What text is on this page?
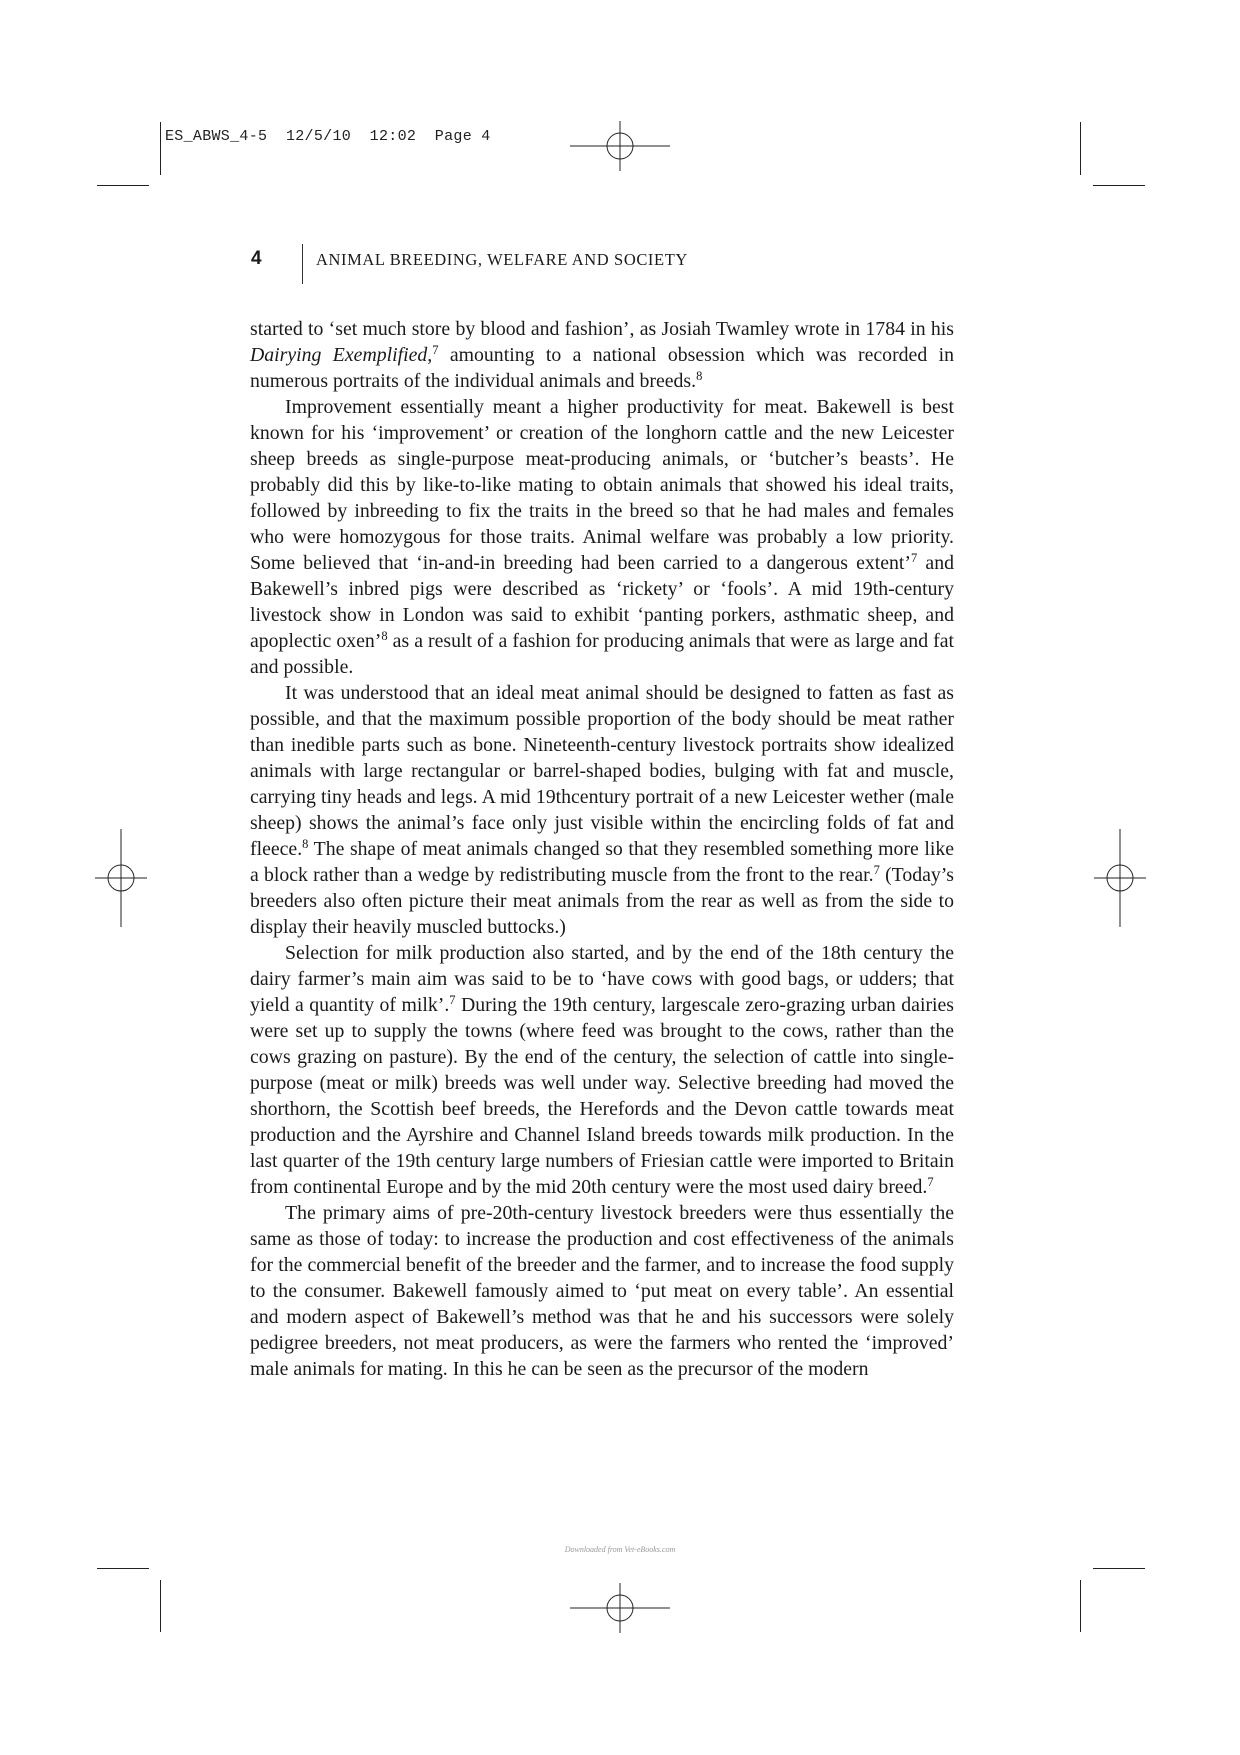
ES_ABWS_4-5 12/5/10 12:02 Page 4
4	ANIMAL BREEDING, WELFARE AND SOCIETY

started to ‘set much store by blood and fashion’, as Josiah Twamley wrote in 1784 in his Dairying Exemplified,$^7$ amounting to a national obsession which was recorded in numerous portraits of the individual animals and breeds.$^8$

Improvement essentially meant a higher productivity for meat. Bakewell is best known for his ‘improvement’ or creation of the longhorn cattle and the new Leicester sheep breeds as single-purpose meat-producing animals, or ‘butcher’s beasts’. He probably did this by like-to-like mating to obtain animals that showed his ideal traits, followed by inbreeding to fix the traits in the breed so that he had males and females who were homozygous for those traits. Animal welfare was probably a low priority. Some believed that ‘in-and-in breeding had been carried to a dangerous extent’$^7$ and Bakewell’s inbred pigs were described as ‘rickety’ or ‘fools’. A mid 19th-century livestock show in London was said to exhibit ‘panting porkers, asthmatic sheep, and apoplectic oxen’$^8$ as a result of a fashion for producing animals that were as large and fat and possible.

It was understood that an ideal meat animal should be designed to fatten as fast as possible, and that the maximum possible proportion of the body should be meat rather than inedible parts such as bone. Nineteenth-century livestock portraits show idealized animals with large rectangular or barrel-shaped bodies, bulging with fat and muscle, carrying tiny heads and legs. A mid 19thcentury portrait of a new Leicester wether (male sheep) shows the animal’s face only just visible within the encircling folds of fat and fleece.$^8$ The shape of meat animals changed so that they resembled something more like a block rather than a wedge by redistributing muscle from the front to the rear.$^7$ (Today’s breeders also often picture their meat animals from the rear as well as from the side to display their heavily muscled buttocks.)

Selection for milk production also started, and by the end of the 18th century the dairy farmer’s main aim was said to be to ‘have cows with good bags, or udders; that yield a quantity of milk’.$^7$ During the 19th century, largescale zero-grazing urban dairies were set up to supply the towns (where feed was brought to the cows, rather than the cows grazing on pasture). By the end of the century, the selection of cattle into single-purpose (meat or milk) breeds was well under way. Selective breeding had moved the shorthorn, the Scottish beef breeds, the Herefords and the Devon cattle towards meat production and the Ayrshire and Channel Island breeds towards milk production. In the last quarter of the 19th century large numbers of Friesian cattle were imported to Britain from continental Europe and by the mid 20th century were the most used dairy breed.$^7$

The primary aims of pre-20th-century livestock breeders were thus essentially the same as those of today: to increase the production and cost effectiveness of the animals for the commercial benefit of the breeder and the farmer, and to increase the food supply to the consumer. Bakewell famously aimed to ‘put meat on every table’. An essential and modern aspect of Bakewell’s method was that he and his successors were solely pedigree breeders, not meat producers, as were the farmers who rented the ‘improved’ male animals for mating. In this he can be seen as the precursor of the modern

Downloaded from Vet-eBooks.com
